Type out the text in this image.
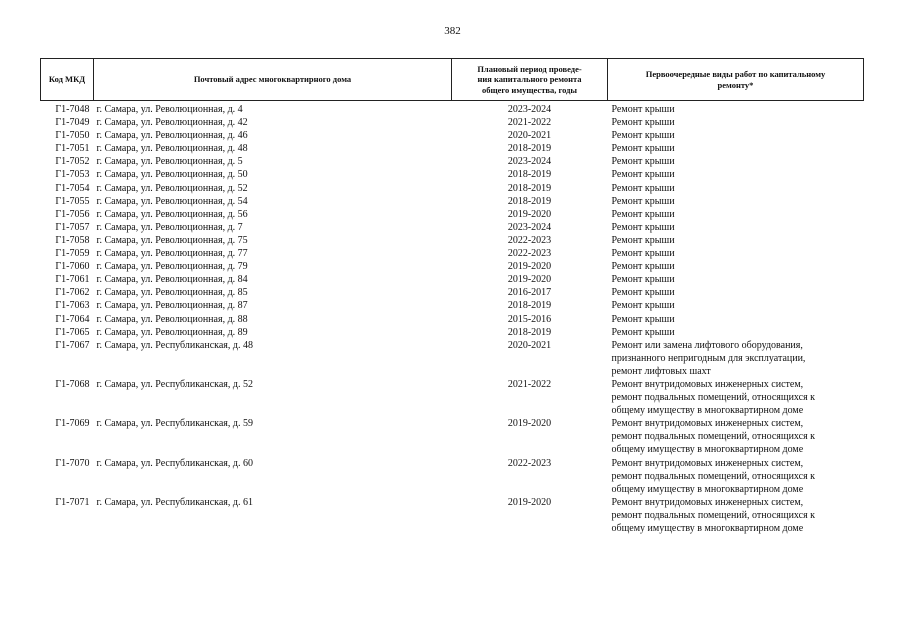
382
Код МКД	Почтовый адрес многоквартирного дома	Плановый период проведе-
ния капитального ремонта
общего имущества, годы	Первоочередные виды работ по капитальному
ремонту*
Г1-7048	г. Самара, ул. Революционная, д. 4	2023-2024	Ремонт крыши

Г1-7049	г. Самара, ул. Революционная, д. 42	2021-2022	Ремонт крыши

Г1-7050	г. Самара, ул. Революционная, д. 46	2020-2021	Ремонт крыши

Г1-7051	г. Самара, ул. Революционная, д. 48	2018-2019	Ремонт крыши

Г1-7052	г. Самара, ул. Революционная, д. 5	2023-2024	Ремонт крыши

Г1-7053	г. Самара, ул. Революционная, д. 50	2018-2019	Ремонт крыши

Г1-7054	г. Самара, ул. Революционная, д. 52	2018-2019	Ремонт крыши

Г1-7055	г. Самара, ул. Революционная, д. 54	2018-2019	Ремонт крыши

Г1-7056	г. Самара, ул. Революционная, д. 56	2019-2020	Ремонт крыши

Г1-7057	г. Самара, ул. Революционная, д. 7	2023-2024	Ремонт крыши

Г1-7058	г. Самара, ул. Революционная, д. 75	2022-2023	Ремонт крыши

Г1-7059	г. Самара, ул. Революционная, д. 77	2022-2023	Ремонт крыши

Г1-7060	г. Самара, ул. Революционная, д. 79	2019-2020	Ремонт крыши

Г1-7061	г. Самара, ул. Революционная, д. 84	2019-2020	Ремонт крыши

Г1-7062	г. Самара, ул. Революционная, д. 85	2016-2017	Ремонт крыши

Г1-7063	г. Самара, ул. Революционная, д. 87	2018-2019	Ремонт крыши

Г1-7064	г. Самара, ул. Революционная, д. 88	2015-2016	Ремонт крыши

Г1-7065	г. Самара, ул. Революционная, д. 89	2018-2019	Ремонт крыши

Г1-7067	г. Самара, ул. Республиканская, д. 48	2020-2021	Ремонт или замена лифтового оборудования,
признанного непригодным для эксплуатации,
ремонт лифтовых шахт

Г1-7068	г. Самара, ул. Республиканская, д. 52	2021-2022	Ремонт внутридомовых инженерных систем,
ремонт подвальных помещений, относящихся к
общему имуществу в многоквартирном доме

Г1-7069	г. Самара, ул. Республиканская, д. 59	2019-2020	Ремонт внутридомовых инженерных систем,
ремонт подвальных помещений, относящихся к
общему имуществу в многоквартирном доме

Г1-7070	г. Самара, ул. Республиканская, д. 60	2022-2023	Ремонт внутридомовых инженерных систем,
ремонт подвальных помещений, относящихся к
общему имуществу в многоквартирном доме

Г1-7071	г. Самара, ул. Республиканская, д. 61	2019-2020	Ремонт внутридомовых инженерных систем,
ремонт подвальных помещений, относящихся к
общему имуществу в многоквартирном доме
